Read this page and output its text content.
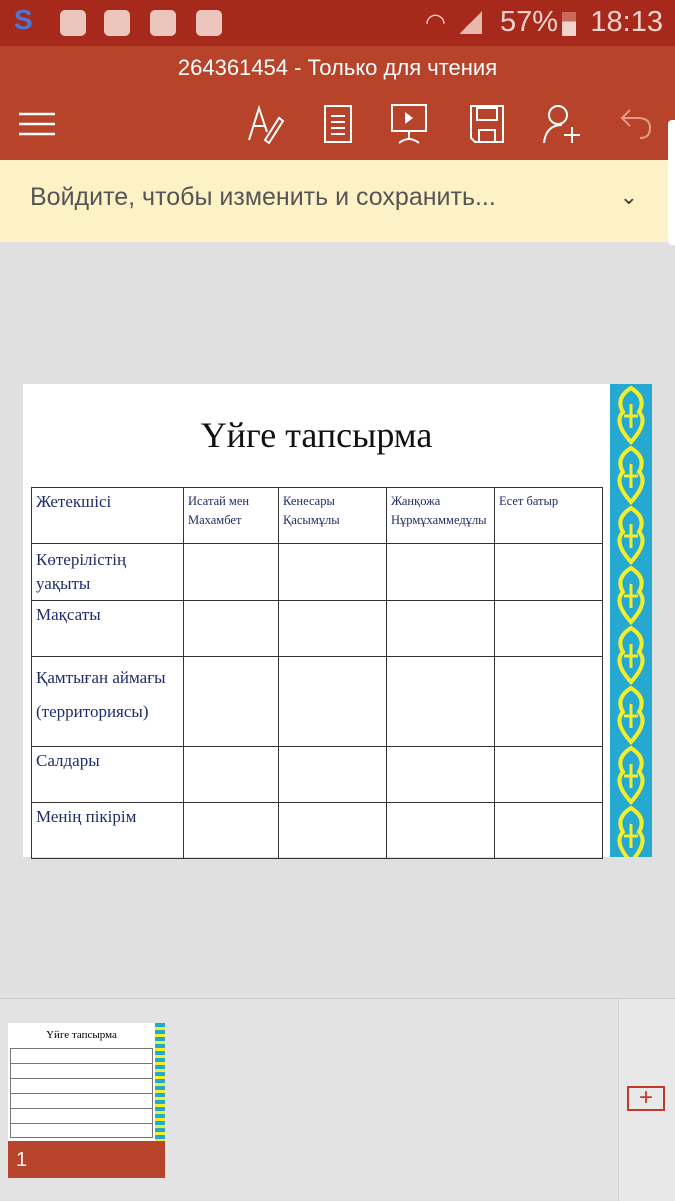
S	◠ 57% 18:13
264361454 - Только для чтения
Войдите, чтобы изменить и сохранить...	⌄
Үйге тапсырма
Жетекшісі	Исатай мен Махамбет	Кенесары Қасымұлы	Жанқожа Нұрмұхаммедұлы	Есет батыр
Көтерілістің уақыты				
Мақсаты				
Қамтыған аймағы (территориясы)				
Салдары				
Менің пікірім				
Үйге тапсырма
1
+
